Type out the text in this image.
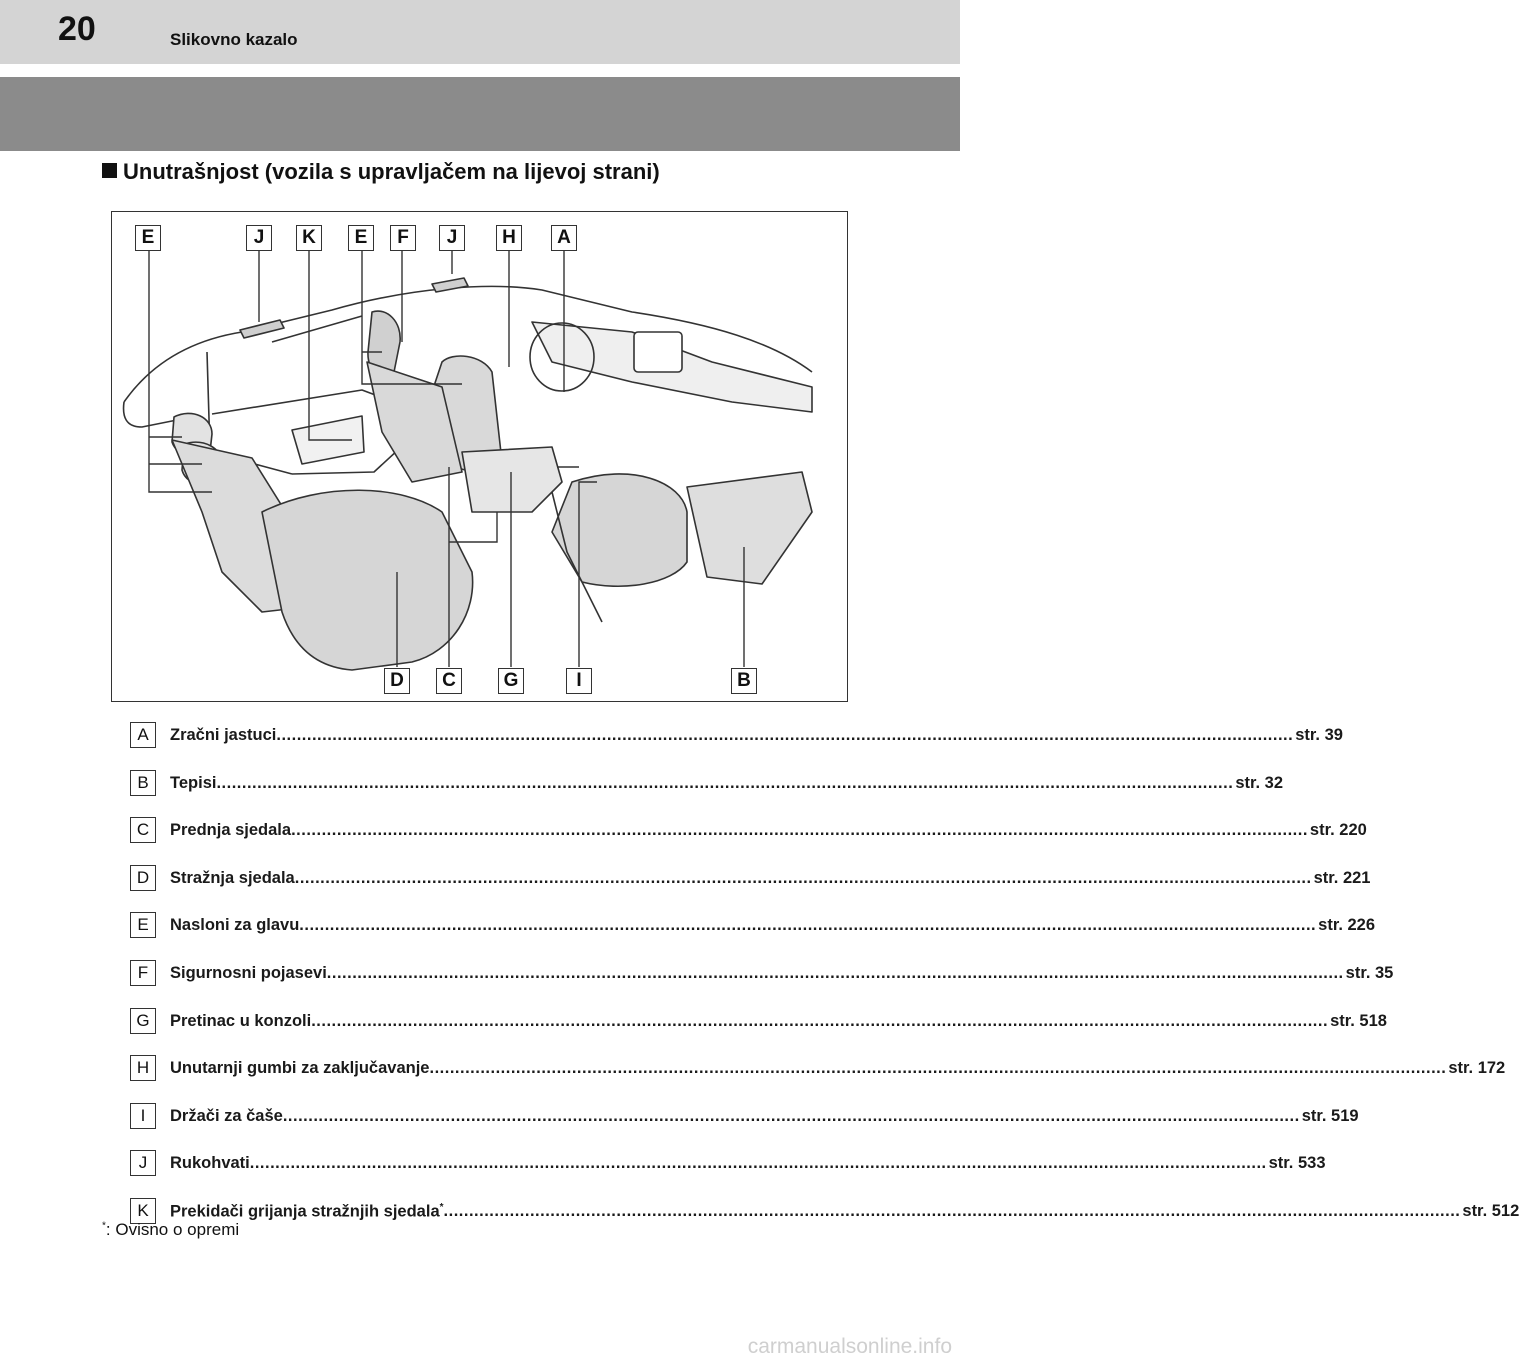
20	Slikovno kazalo
Unutrašnjost (vozila s upravljačem na lijevoj strani)
E	J	K	E	F	J	H	A
D	C	G	I	B
A	Zračni jastuci ........................................................................................................................................................................................................ str. 39
B	Tepisi ........................................................................................................................................................................................................ str. 32
C	Prednja sjedala ........................................................................................................................................................................................................ str. 220
D	Stražnja sjedala ........................................................................................................................................................................................................ str. 221
E	Nasloni za glavu ........................................................................................................................................................................................................ str. 226
F	Sigurnosni pojasevi ........................................................................................................................................................................................................ str. 35
G	Pretinac u konzoli ........................................................................................................................................................................................................ str. 518
H	Unutarnji gumbi za zaključavanje ........................................................................................................................................................................................................ str. 172
I	Držači za čaše ........................................................................................................................................................................................................ str. 519
J	Rukohvati ........................................................................................................................................................................................................ str. 533
K	Prekidači grijanja stražnjih sjedala* ........................................................................................................................................................................................................ str. 512
*: Ovisno o opremi
carmanualsonline.info
